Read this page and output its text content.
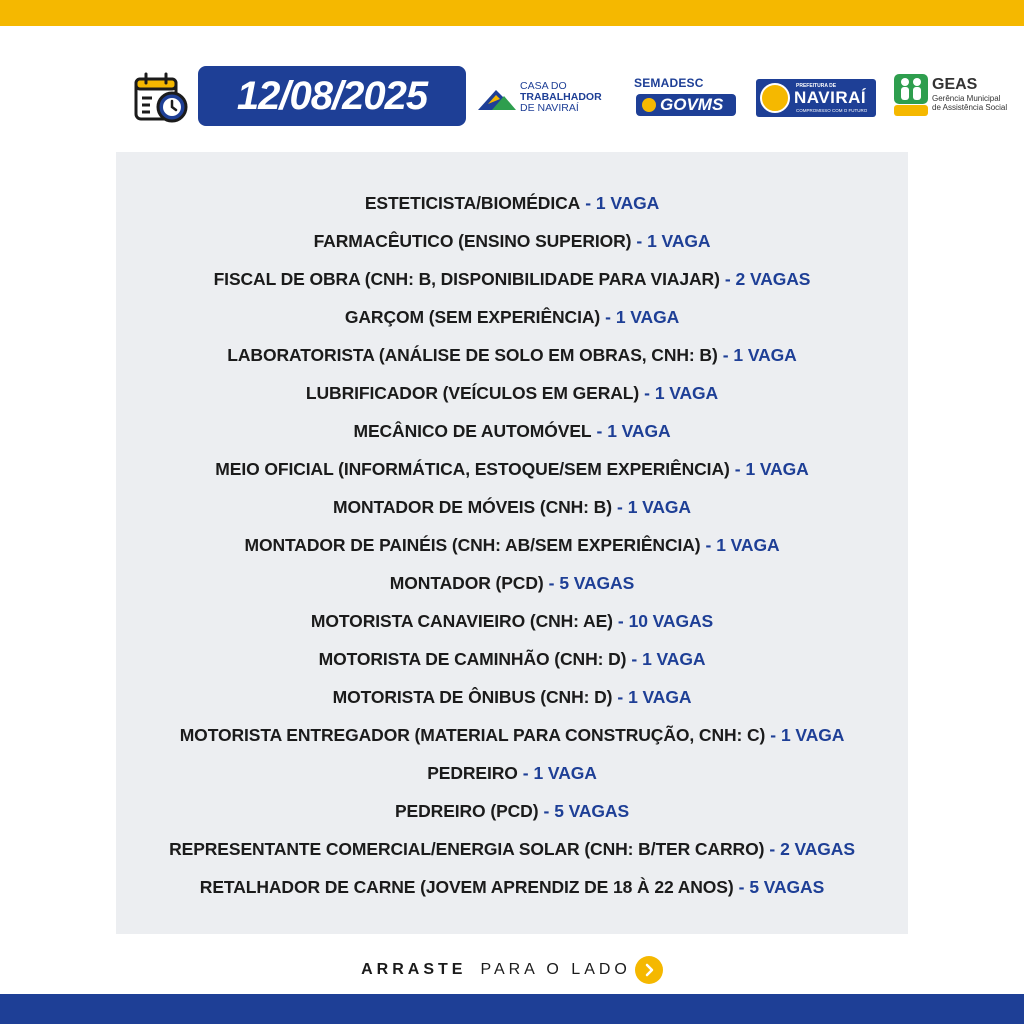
12/08/2025	CASA DO
TRABALHADOR
DE NAVIRAÍ
SEMADESC
GOVMS
PREFEITURA DE
NAVIRAÍ
COMPROMISSO COM O FUTURO
GEAS
Gerência Municipal
de Assistência Social
ESTETICISTA/BIOMÉDICA - 1 VAGA
FARMACÊUTICO (ENSINO SUPERIOR) - 1 VAGA
FISCAL DE OBRA (CNH: B, DISPONIBILIDADE PARA VIAJAR) - 2 VAGAS
GARÇOM (SEM EXPERIÊNCIA) - 1 VAGA
LABORATORISTA (ANÁLISE DE SOLO EM OBRAS, CNH: B) - 1 VAGA
LUBRIFICADOR (VEÍCULOS EM GERAL) - 1 VAGA
MECÂNICO DE AUTOMÓVEL - 1 VAGA
MEIO OFICIAL (INFORMÁTICA, ESTOQUE/SEM EXPERIÊNCIA) - 1 VAGA
MONTADOR DE MÓVEIS (CNH: B) - 1 VAGA
MONTADOR DE PAINÉIS (CNH: AB/SEM EXPERIÊNCIA) - 1 VAGA
MONTADOR (PCD) - 5 VAGAS
MOTORISTA CANAVIEIRO (CNH: AE) - 10 VAGAS
MOTORISTA DE CAMINHÃO (CNH: D) - 1 VAGA
MOTORISTA DE ÔNIBUS (CNH: D) - 1 VAGA
MOTORISTA ENTREGADOR (MATERIAL PARA CONSTRUÇÃO, CNH: C) - 1 VAGA
PEDREIRO - 1 VAGA
PEDREIRO (PCD) - 5 VAGAS
REPRESENTANTE COMERCIAL/ENERGIA SOLAR (CNH: B/TER CARRO) - 2 VAGAS
RETALHADOR DE CARNE (JOVEM APRENDIZ DE 18 À 22 ANOS) - 5 VAGAS
ARRASTE PARA O LADO
